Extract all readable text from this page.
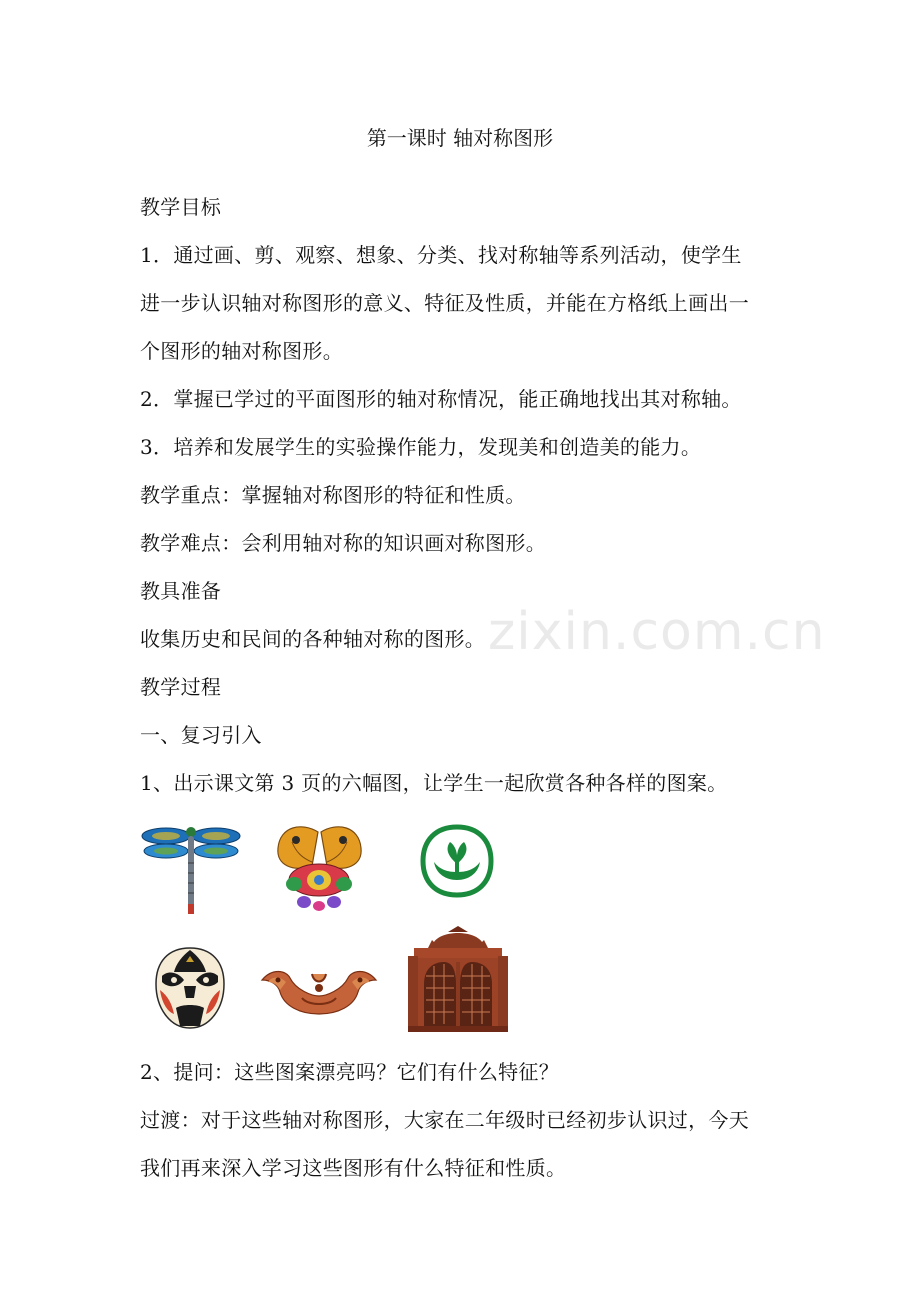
第一课时 轴对称图形
教学目标
1．通过画、剪、观察、想象、分类、找对称轴等系列活动，使学生
进一步认识轴对称图形的意义、特征及性质，并能在方格纸上画出一
个图形的轴对称图形。
2．掌握已学过的平面图形的轴对称情况，能正确地找出其对称轴。
3．培养和发展学生的实验操作能力，发现美和创造美的能力。
教学重点：掌握轴对称图形的特征和性质。
教学难点：会利用轴对称的知识画对称图形。
教具准备
收集历史和民间的各种轴对称的图形。
教学过程
一、复习引入
1、出示课文第 3 页的六幅图，让学生一起欣赏各种各样的图案。
2、提问：这些图案漂亮吗？它们有什么特征？
过渡：对于这些轴对称图形，大家在二年级时已经初步认识过，今天
我们再来深入学习这些图形有什么特征和性质。
zixin.com.cn
